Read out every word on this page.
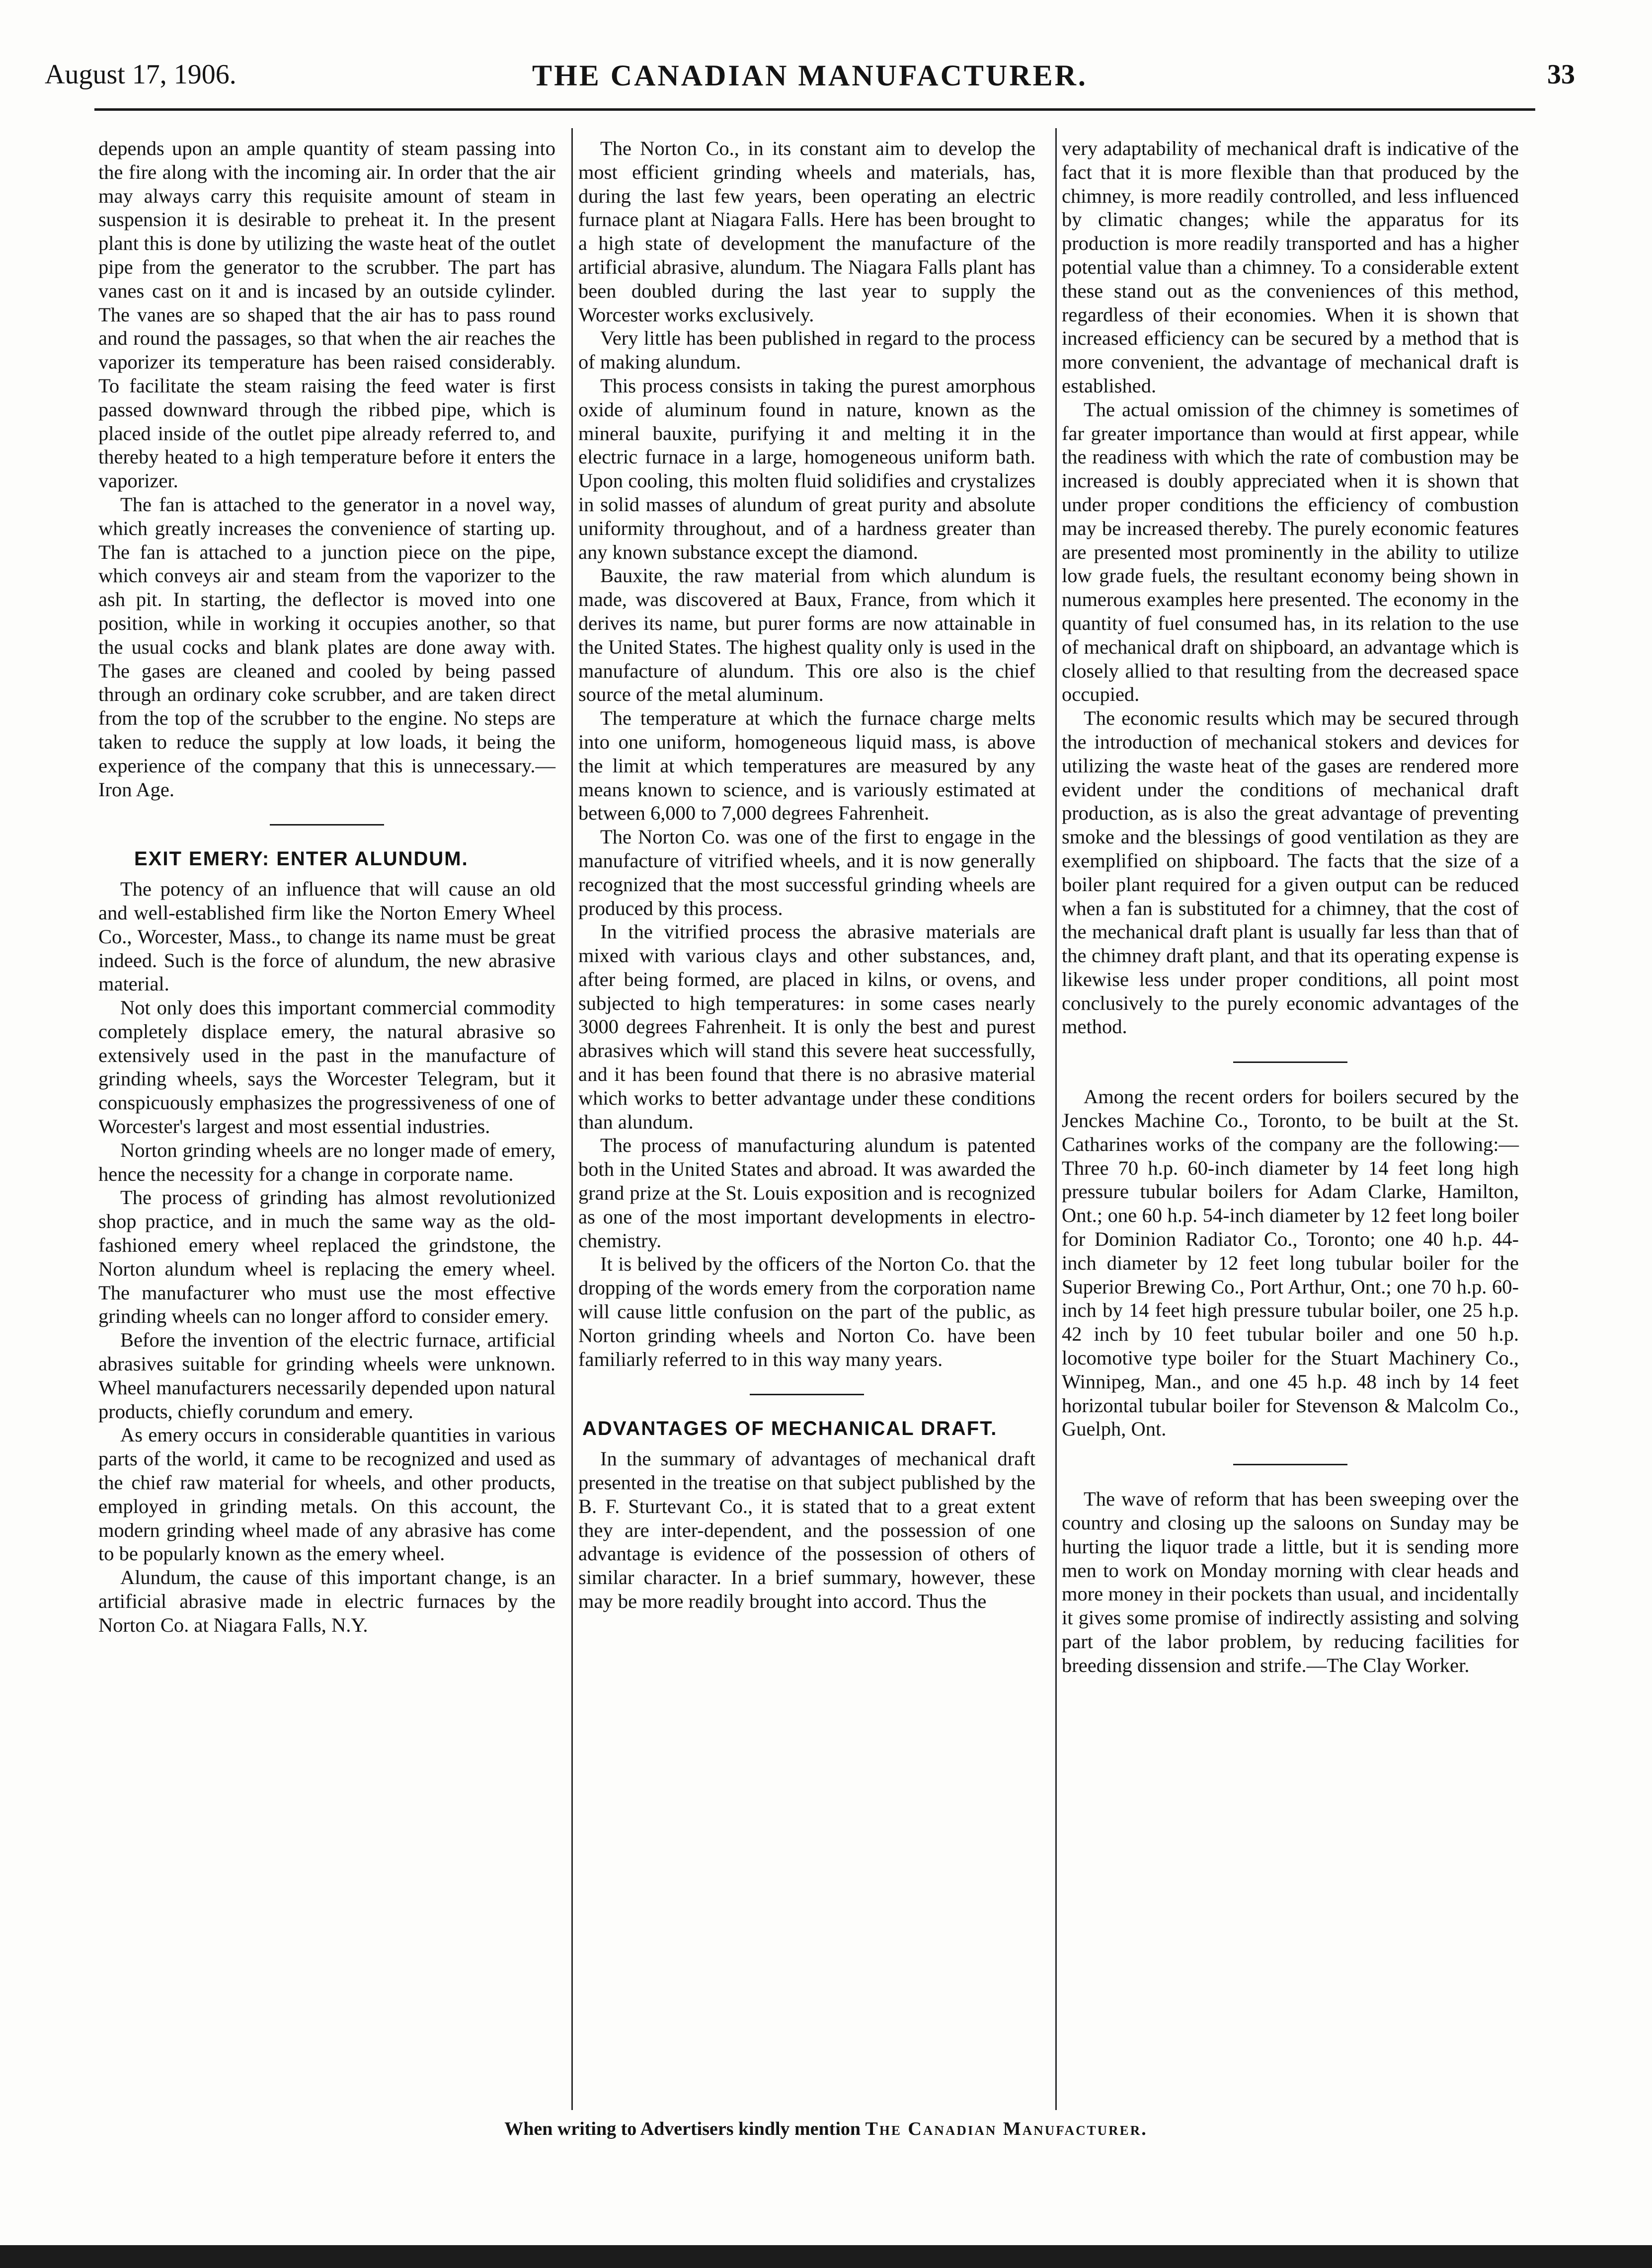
August 17, 1906.	THE CANADIAN MANUFACTURER.	33

depends upon an ample quantity of steam passing into the fire along with the incoming air. In order that the air may always carry this requisite amount of steam in suspension it is desirable to preheat it. In the present plant this is done by utilizing the waste heat of the outlet pipe from the generator to the scrubber. The part has vanes cast on it and is incased by an outside cylinder. The vanes are so shaped that the air has to pass round and round the passages, so that when the air reaches the vaporizer its temperature has been raised considerably. To facilitate the steam raising the feed water is first passed downward through the ribbed pipe, which is placed inside of the outlet pipe already referred to, and thereby heated to a high temperature before it enters the vaporizer.

The fan is attached to the generator in a novel way, which greatly increases the convenience of starting up. The fan is attached to a junction piece on the pipe, which conveys air and steam from the vaporizer to the ash pit. In starting, the deflector is moved into one position, while in working it occupies another, so that the usual cocks and blank plates are done away with. The gases are cleaned and cooled by being passed through an ordinary coke scrubber, and are taken direct from the top of the scrubber to the engine. No steps are taken to reduce the supply at low loads, it being the experience of the company that this is unnecessary.—Iron Age.

EXIT EMERY: ENTER ALUNDUM.

The potency of an influence that will cause an old and well-established firm like the Norton Emery Wheel Co., Worcester, Mass., to change its name must be great indeed. Such is the force of alundum, the new abrasive material.

Not only does this important commercial commodity completely displace emery, the natural abrasive so extensively used in the past in the manufacture of grinding wheels, says the Worcester Telegram, but it conspicuously emphasizes the progressiveness of one of Worcester's largest and most essential industries.

Norton grinding wheels are no longer made of emery, hence the necessity for a change in corporate name.

The process of grinding has almost revolutionized shop practice, and in much the same way as the old-fashioned emery wheel replaced the grindstone, the Norton alundum wheel is replacing the emery wheel. The manufacturer who must use the most effective grinding wheels can no longer afford to consider emery.

Before the invention of the electric furnace, artificial abrasives suitable for grinding wheels were unknown. Wheel manufacturers necessarily depended upon natural products, chiefly corundum and emery.

As emery occurs in considerable quantities in various parts of the world, it came to be recognized and used as the chief raw material for wheels, and other products, employed in grinding metals. On this account, the modern grinding wheel made of any abrasive has come to be popularly known as the emery wheel.

Alundum, the cause of this important change, is an artificial abrasive made in electric furnaces by the Norton Co. at Niagara Falls, N.Y.

The Norton Co., in its constant aim to develop the most efficient grinding wheels and materials, has, during the last few years, been operating an electric furnace plant at Niagara Falls. Here has been brought to a high state of development the manufacture of the artificial abrasive, alundum. The Niagara Falls plant has been doubled during the last year to supply the Worcester works exclusively.

Very little has been published in regard to the process of making alundum.

This process consists in taking the purest amorphous oxide of aluminum found in nature, known as the mineral bauxite, purifying it and melting it in the electric furnace in a large, homogeneous uniform bath. Upon cooling, this molten fluid solidifies and crystalizes in solid masses of alundum of great purity and absolute uniformity throughout, and of a hardness greater than any known substance except the diamond.

Bauxite, the raw material from which alundum is made, was discovered at Baux, France, from which it derives its name, but purer forms are now attainable in the United States. The highest quality only is used in the manufacture of alundum. This ore also is the chief source of the metal aluminum.

The temperature at which the furnace charge melts into one uniform, homogeneous liquid mass, is above the limit at which temperatures are measured by any means known to science, and is variously estimated at between 6,000 to 7,000 degrees Fahrenheit.

The Norton Co. was one of the first to engage in the manufacture of vitrified wheels, and it is now generally recognized that the most successful grinding wheels are produced by this process.

In the vitrified process the abrasive materials are mixed with various clays and other substances, and, after being formed, are placed in kilns, or ovens, and subjected to high temperatures: in some cases nearly 3000 degrees Fahrenheit. It is only the best and purest abrasives which will stand this severe heat successfully, and it has been found that there is no abrasive material which works to better advantage under these conditions than alundum.

The process of manufacturing alundum is patented both in the United States and abroad. It was awarded the grand prize at the St. Louis exposition and is recognized as one of the most important developments in electro-chemistry.

It is belived by the officers of the Norton Co. that the dropping of the words emery from the corporation name will cause little confusion on the part of the public, as Norton grinding wheels and Norton Co. have been familiarly referred to in this way many years.

ADVANTAGES OF MECHANICAL DRAFT.

In the summary of advantages of mechanical draft presented in the treatise on that subject published by the B. F. Sturtevant Co., it is stated that to a great extent they are inter-dependent, and the possession of one advantage is evidence of the possession of others of similar character. In a brief summary, however, these may be more readily brought into accord. Thus the

very adaptability of mechanical draft is indicative of the fact that it is more flexible than that produced by the chimney, is more readily controlled, and less influenced by climatic changes; while the apparatus for its production is more readily transported and has a higher potential value than a chimney. To a considerable extent these stand out as the conveniences of this method, regardless of their economies. When it is shown that increased efficiency can be secured by a method that is more convenient, the advantage of mechanical draft is established.

The actual omission of the chimney is sometimes of far greater importance than would at first appear, while the readiness with which the rate of combustion may be increased is doubly appreciated when it is shown that under proper conditions the efficiency of combustion may be increased thereby. The purely economic features are presented most prominently in the ability to utilize low grade fuels, the resultant economy being shown in numerous examples here presented. The economy in the quantity of fuel consumed has, in its relation to the use of mechanical draft on shipboard, an advantage which is closely allied to that resulting from the decreased space occupied.

The economic results which may be secured through the introduction of mechanical stokers and devices for utilizing the waste heat of the gases are rendered more evident under the conditions of mechanical draft production, as is also the great advantage of preventing smoke and the blessings of good ventilation as they are exemplified on shipboard. The facts that the size of a boiler plant required for a given output can be reduced when a fan is substituted for a chimney, that the cost of the mechanical draft plant is usually far less than that of the chimney draft plant, and that its operating expense is likewise less under proper conditions, all point most conclusively to the purely economic advantages of the method.

Among the recent orders for boilers secured by the Jenckes Machine Co., Toronto, to be built at the St. Catharines works of the company are the following:—Three 70 h.p. 60-inch diameter by 14 feet long high pressure tubular boilers for Adam Clarke, Hamilton, Ont.; one 60 h.p. 54-inch diameter by 12 feet long boiler for Dominion Radiator Co., Toronto; one 40 h.p. 44-inch diameter by 12 feet long tubular boiler for the Superior Brewing Co., Port Arthur, Ont.; one 70 h.p. 60-inch by 14 feet high pressure tubular boiler, one 25 h.p. 42 inch by 10 feet tubular boiler and one 50 h.p. locomotive type boiler for the Stuart Machinery Co., Winnipeg, Man., and one 45 h.p. 48 inch by 14 feet horizontal tubular boiler for Stevenson & Malcolm Co., Guelph, Ont.

The wave of reform that has been sweeping over the country and closing up the saloons on Sunday may be hurting the liquor trade a little, but it is sending more men to work on Monday morning with clear heads and more money in their pockets than usual, and incidentally it gives some promise of indirectly assisting and solving part of the labor problem, by reducing facilities for breeding dissension and strife.—The Clay Worker.

When writing to Advertisers kindly mention The Canadian Manufacturer.
